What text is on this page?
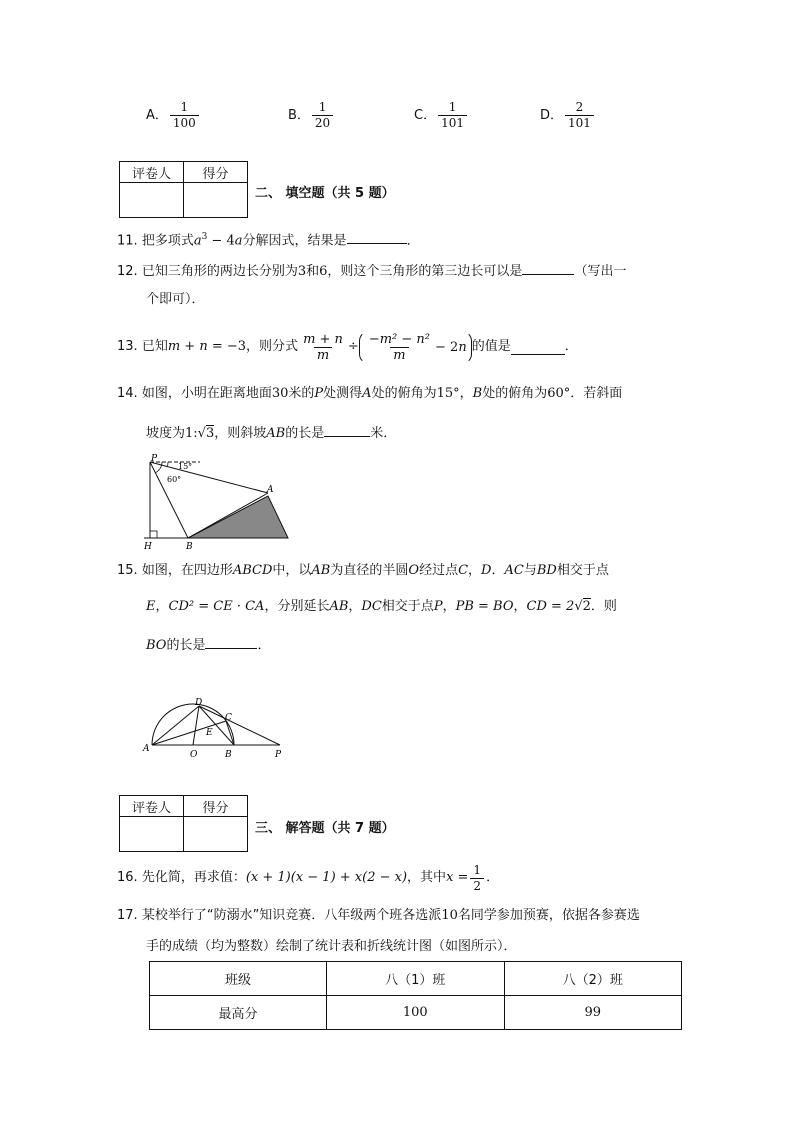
A． $\frac{1}{100}$	B． $\frac{1}{20}$	C． $\frac{1}{101}$	D． $\frac{2}{101}$
评卷人	得分

二、 填空题（共 5 题）
11. 把多项式$a^3 - 4a$分解因式，结果是	．
12. 已知三角形的两边长分别为3和6，则这个三角形的第三边长可以是	（写出一
个即可）．
13.
已知 m + n = −3 ，则分式 $\frac{m + n}{m} \div \frac{\text{−m² − n²}}{m} - 2n$ 的值是	．
14. 如图，小明在距离地面30米的P处测得A处的俯角为15°，B处的俯角为60°．若斜面
坡度为1:√3，则斜坡AB的长是	米．
P
15°
60°
A
H	B
15. 如图，在四边形ABCD中，以AB为直径的半圆O经过点C，D．AC与BD相交于点
E，CD² = CE · CA，分别延长AB，DC相交于点P，PB = BO，CD = 2√2．则
BO的长是	．
A
O	B	P
D
C
E
评卷人	得分

三、 解答题（共 7 题）
16.
先化简，再求值： (x + 1)(x − 1) + x(2 − x) ，其中 $x = \frac{1}{2}$ ．
17. 某校举行了“防溺水”知识竞赛．八年级两个班各选派10名同学参加预赛，依据各参赛选
手的成绩（均为整数）绘制了统计表和折线统计图（如图所示）．
班级	八（1）班	八（2）班
最高分	100	99
